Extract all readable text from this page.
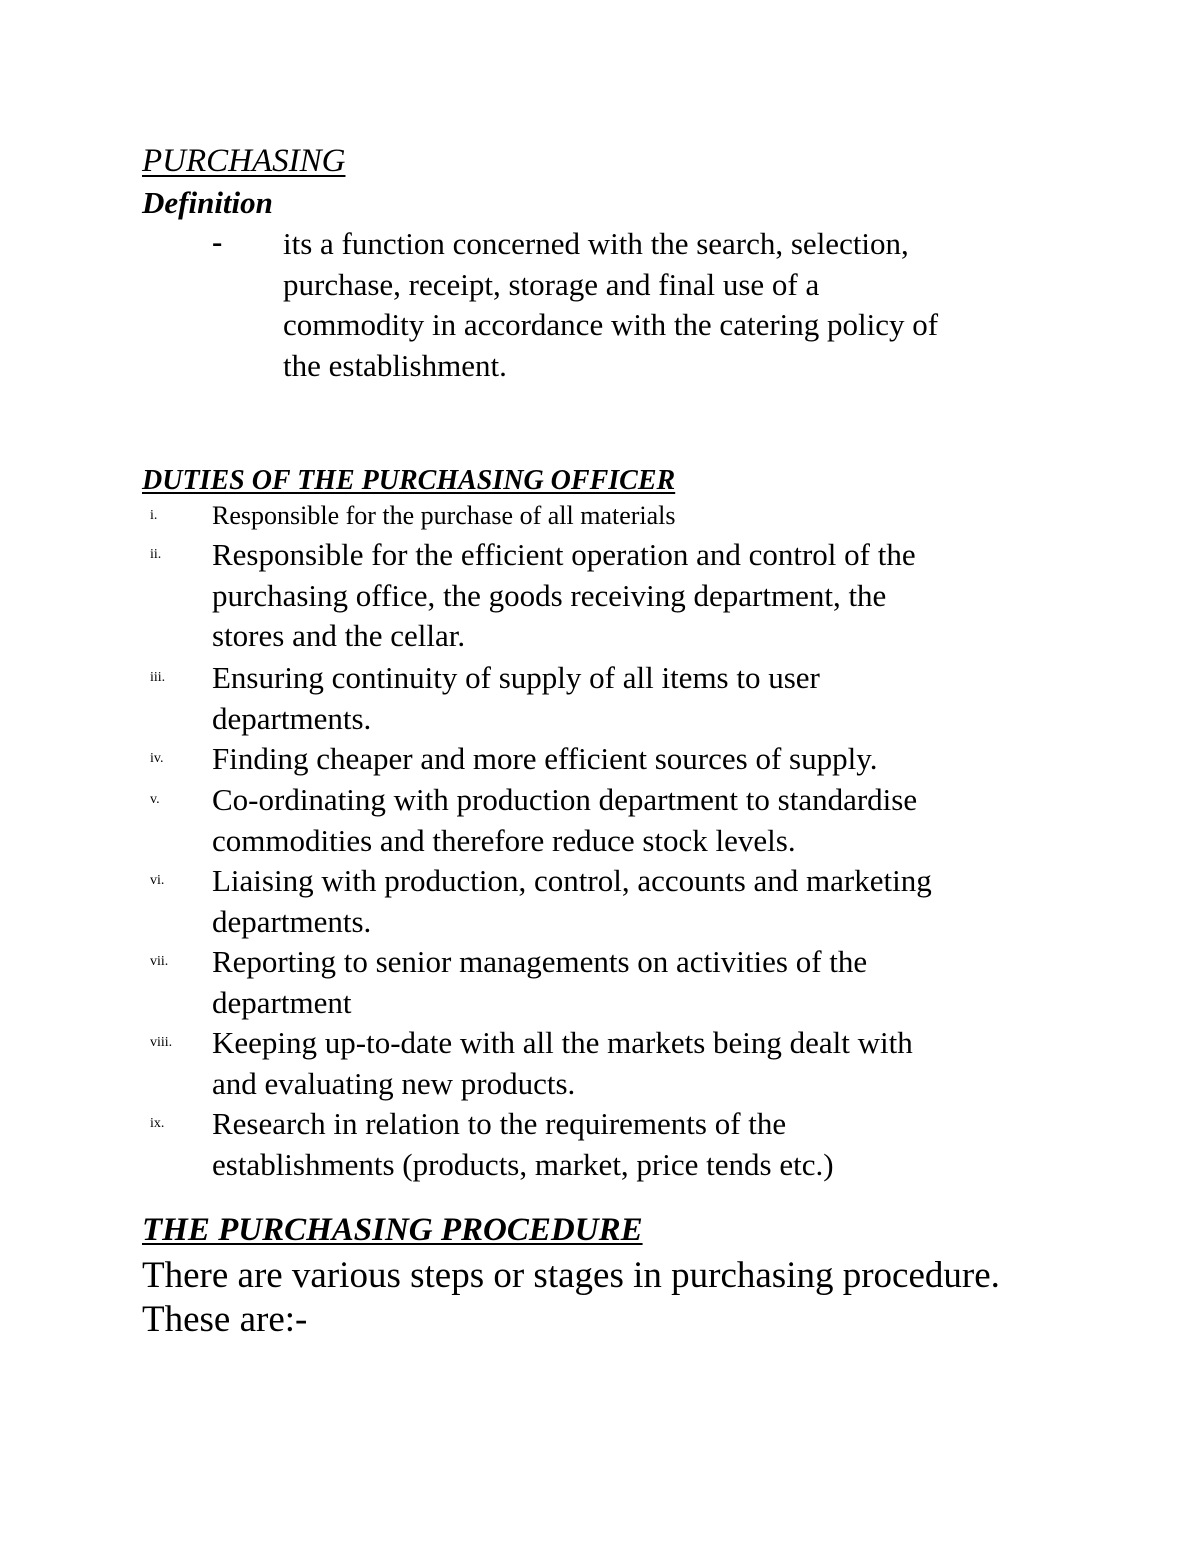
PURCHASING
Definition
- its a function concerned with the search, selection,
purchase, receipt, storage and final use of a
commodity in accordance with the catering policy of
the establishment.
DUTIES OF THE PURCHASING OFFICER
i.	Responsible for the purchase of all materials
ii.	Responsible for the efficient operation and control of the
purchasing office, the goods receiving department, the
stores and the cellar.
iii.	Ensuring continuity of supply of all items to user
departments.
iv.	Finding cheaper and more efficient sources of supply.
v.	Co-ordinating with production department to standardise
commodities and therefore reduce stock levels.
vi.	Liaising with production, control, accounts and marketing
departments.
vii.	Reporting to senior managements on activities of the
department
viii.	Keeping up-to-date with all the markets being dealt with
and evaluating new products.
ix.	Research in relation to the requirements of the
establishments (products, market, price tends etc.)
THE PURCHASING PROCEDURE
There are various steps or stages in purchasing procedure.
These are:-
